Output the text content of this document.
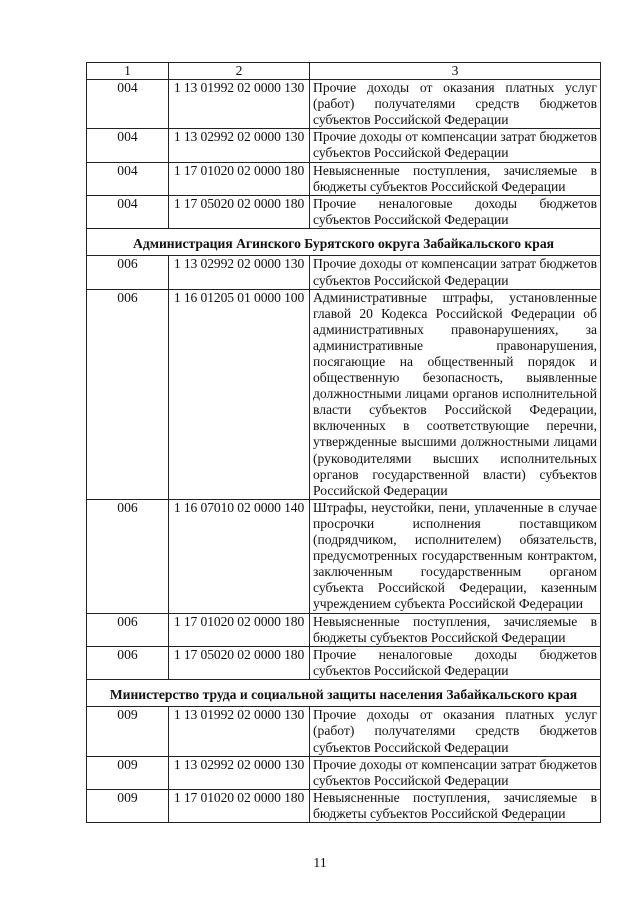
1	2	3
004	1 13 01992 02 0000 130	Прочие доходы от оказания платных услуг (работ) получателями средств бюджетов субъектов Российской Федерации
004	1 13 02992 02 0000 130	Прочие доходы от компенсации затрат бюджетов субъектов Российской Федерации
004	1 17 01020 02 0000 180	Невыясненные поступления, зачисляемые в бюджеты субъектов Российской Федерации
004	1 17 05020 02 0000 180	Прочие неналоговые доходы бюджетов субъектов Российской Федерации
Администрация Агинского Бурятского округа Забайкальского края		
006	1 13 02992 02 0000 130	Прочие доходы от компенсации затрат бюджетов субъектов Российской Федерации
006	1 16 01205 01 0000 100	Административные штрафы, установленные главой 20 Кодекса Российской Федерации об административных правонарушениях, за административные правонарушения, посягающие на общественный порядок и общественную безопасность, выявленные должностными лицами органов исполнительной власти субъектов Российской Федерации, включенных в соответствующие перечни, утвержденные высшими должностными лицами (руководителями высших исполнительных органов государственной власти) субъектов Российской Федерации
006	1 16 07010 02 0000 140	Штрафы, неустойки, пени, уплаченные в случае просрочки исполнения поставщиком (подрядчиком, исполнителем) обязательств, предусмотренных государственным контрактом, заключенным государственным органом субъекта Российской Федерации, казенным учреждением субъекта Российской Федерации
006	1 17 01020 02 0000 180	Невыясненные поступления, зачисляемые в бюджеты субъектов Российской Федерации
006	1 17 05020 02 0000 180	Прочие неналоговые доходы бюджетов субъектов Российской Федерации
Министерство труда и социальной защиты населения Забайкальского края		
009	1 13 01992 02 0000 130	Прочие доходы от оказания платных услуг (работ) получателями средств бюджетов субъектов Российской Федерации
009	1 13 02992 02 0000 130	Прочие доходы от компенсации затрат бюджетов субъектов Российской Федерации
009	1 17 01020 02 0000 180	Невыясненные поступления, зачисляемые в бюджеты субъектов Российской Федерации
11
